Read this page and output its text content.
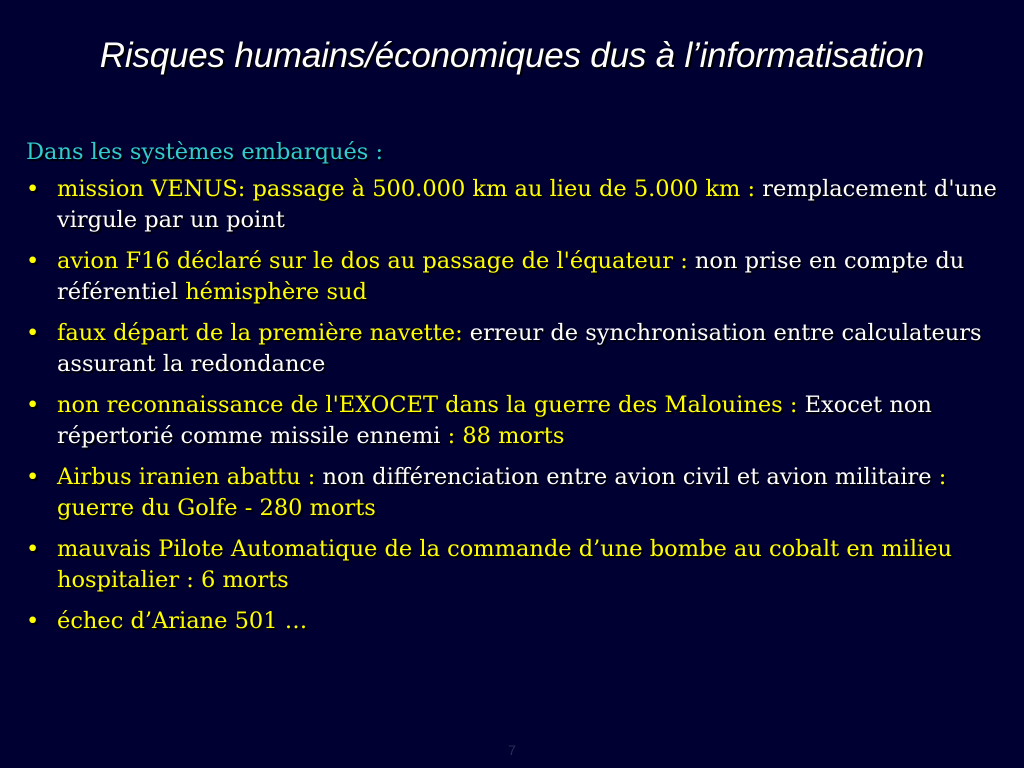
Risques humains/économiques dus à l’informatisation
Dans les systèmes embarqués :
• mission VENUS: passage à 500.000 km au lieu de 5.000 km : remplacement d'une virgule par un point
• avion F16 déclaré sur le dos au passage de l'équateur : non prise en compte du référentiel hémisphère sud
• faux départ de la première navette: erreur de synchronisation entre calculateurs assurant la redondance
• non reconnaissance de l'EXOCET dans la guerre des Malouines : Exocet non répertorié comme missile ennemi : 88 morts
• Airbus iranien abattu : non différenciation entre avion civil et avion militaire : guerre du Golfe - 280 morts
• mauvais Pilote Automatique de la commande d’une bombe au cobalt en milieu hospitalier : 6 morts
• échec d’Ariane 501 …
7
